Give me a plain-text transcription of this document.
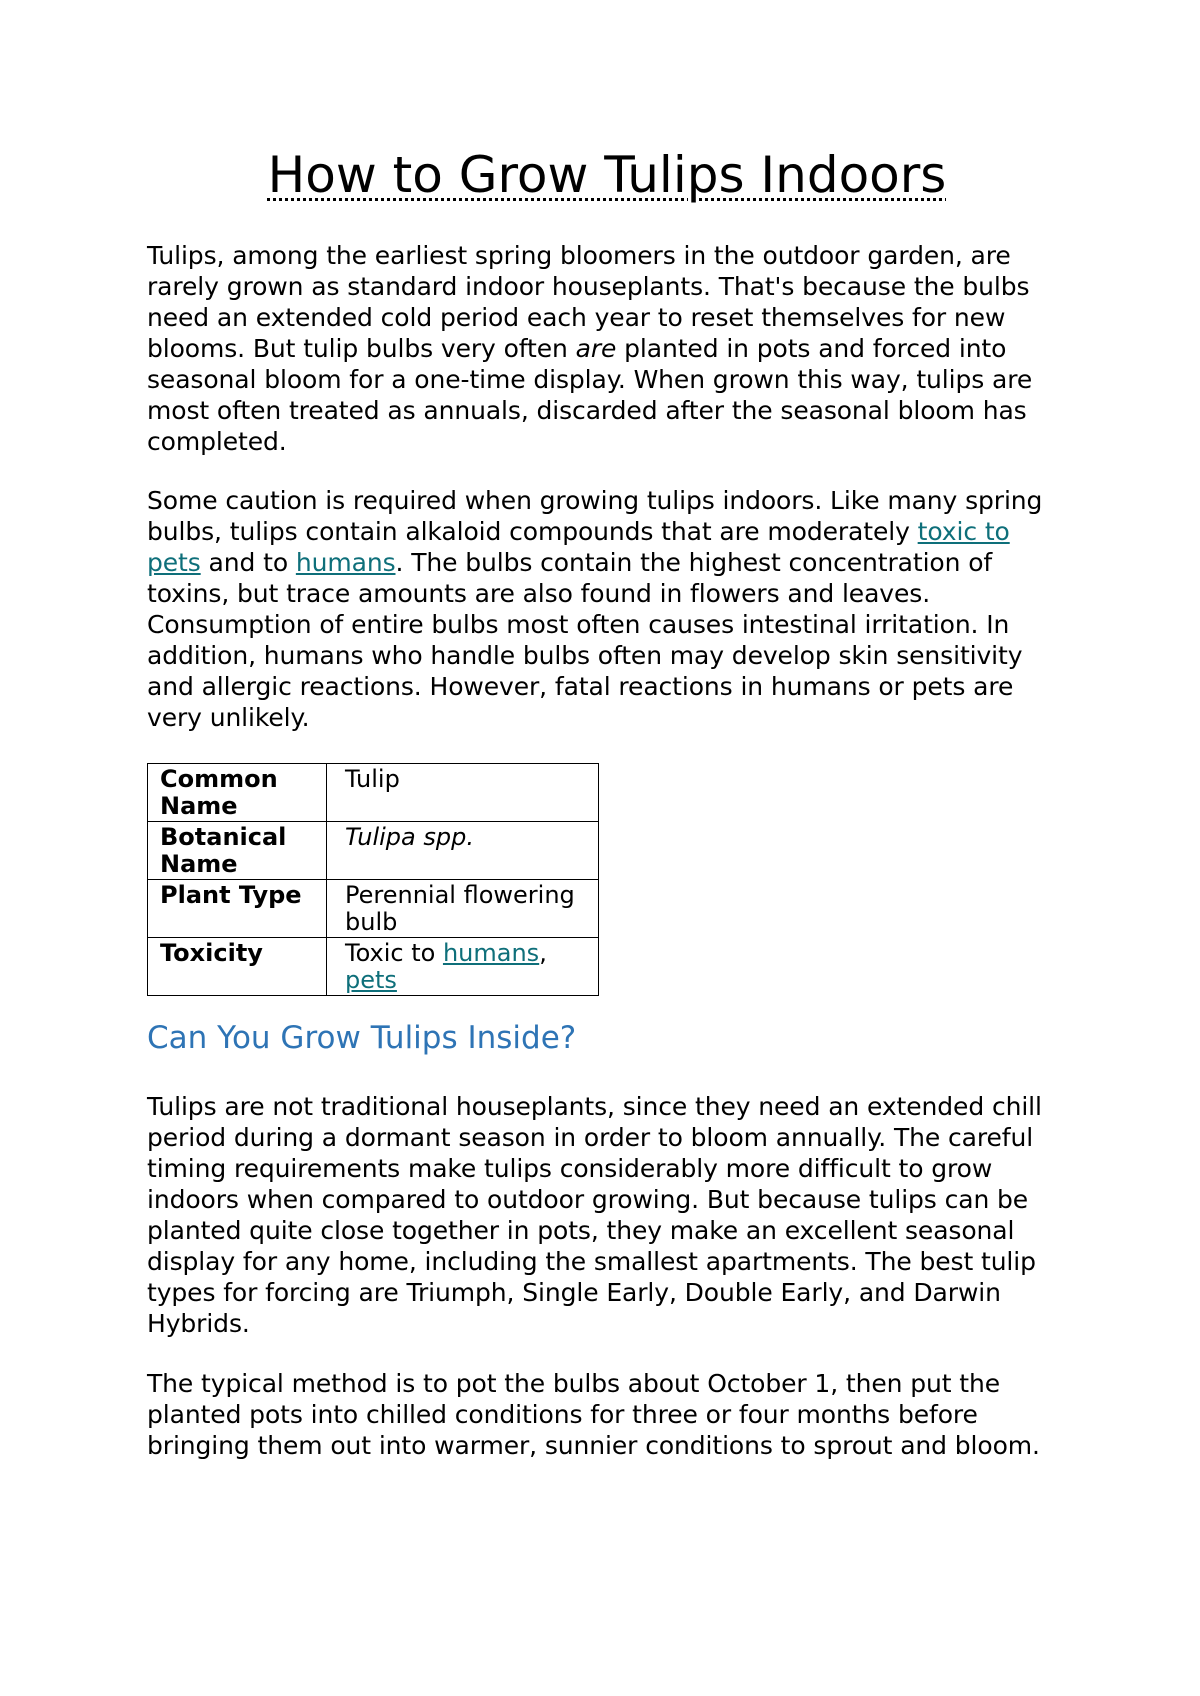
How to Grow Tulips Indoors

Tulips, among the earliest spring bloomers in the outdoor garden, are rarely grown as standard indoor houseplants. That's because the bulbs need an extended cold period each year to reset themselves for new blooms. But tulip bulbs very often are planted in pots and forced into seasonal bloom for a one-time display. When grown this way, tulips are most often treated as annuals, discarded after the seasonal bloom has completed.

Some caution is required when growing tulips indoors. Like many spring bulbs, tulips contain alkaloid compounds that are moderately toxic to pets and to humans. The bulbs contain the highest concentration of toxins, but trace amounts are also found in flowers and leaves. Consumption of entire bulbs most often causes intestinal irritation. In addition, humans who handle bulbs often may develop skin sensitivity and allergic reactions. However, fatal reactions in humans or pets are very unlikely.

Common Name	Tulip
Botanical Name	Tulipa spp.
Plant Type	Perennial flowering bulb
Toxicity	Toxic to humans, pets
Can You Grow Tulips Inside?

Tulips are not traditional houseplants, since they need an extended chill period during a dormant season in order to bloom annually. The careful timing requirements make tulips considerably more difficult to grow indoors when compared to outdoor growing. But because tulips can be planted quite close together in pots, they make an excellent seasonal display for any home, including the smallest apartments. The best tulip types for forcing are Triumph, Single Early, Double Early, and Darwin Hybrids.

The typical method is to pot the bulbs about October 1, then put the planted pots into chilled conditions for three or four months before bringing them out into warmer, sunnier conditions to sprout and bloom.
